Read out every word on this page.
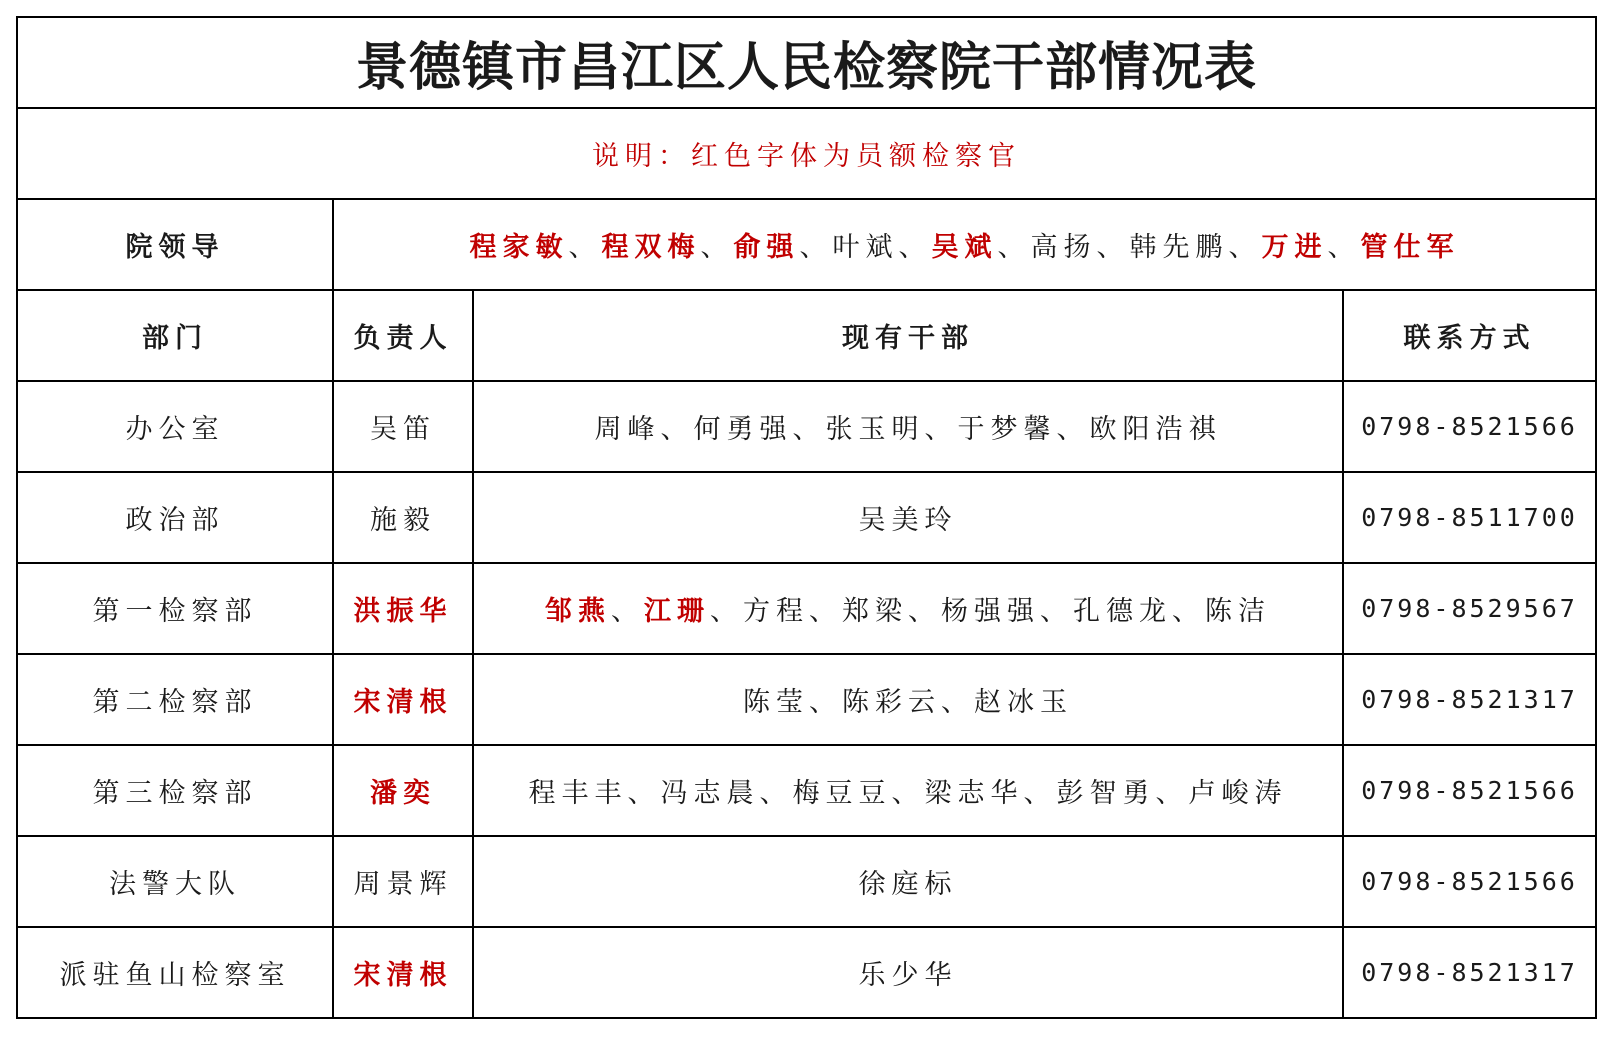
景德镇市昌江区人民检察院干部情况表			
说明：红色字体为员额检察官			
院领导	程家敏、程双梅、俞强、叶斌、吴斌、高扬、韩先鹏、万进、管仕军		
部门	负责人	现有干部	联系方式
办公室	吴笛	周峰、何勇强、张玉明、于梦馨、欧阳浩祺	0798-8521566
政治部	施毅	吴美玲	0798-8511700
第一检察部	洪振华	邹燕、江珊、方程、郑梁、杨强强、孔德龙、陈洁	0798-8529567
第二检察部	宋清根	陈莹、陈彩云、赵冰玉	0798-8521317
第三检察部	潘奕	程丰丰、冯志晨、梅豆豆、梁志华、彭智勇、卢峻涛	0798-8521566
法警大队	周景辉	徐庭标	0798-8521566
派驻鱼山检察室	宋清根	乐少华	0798-8521317
